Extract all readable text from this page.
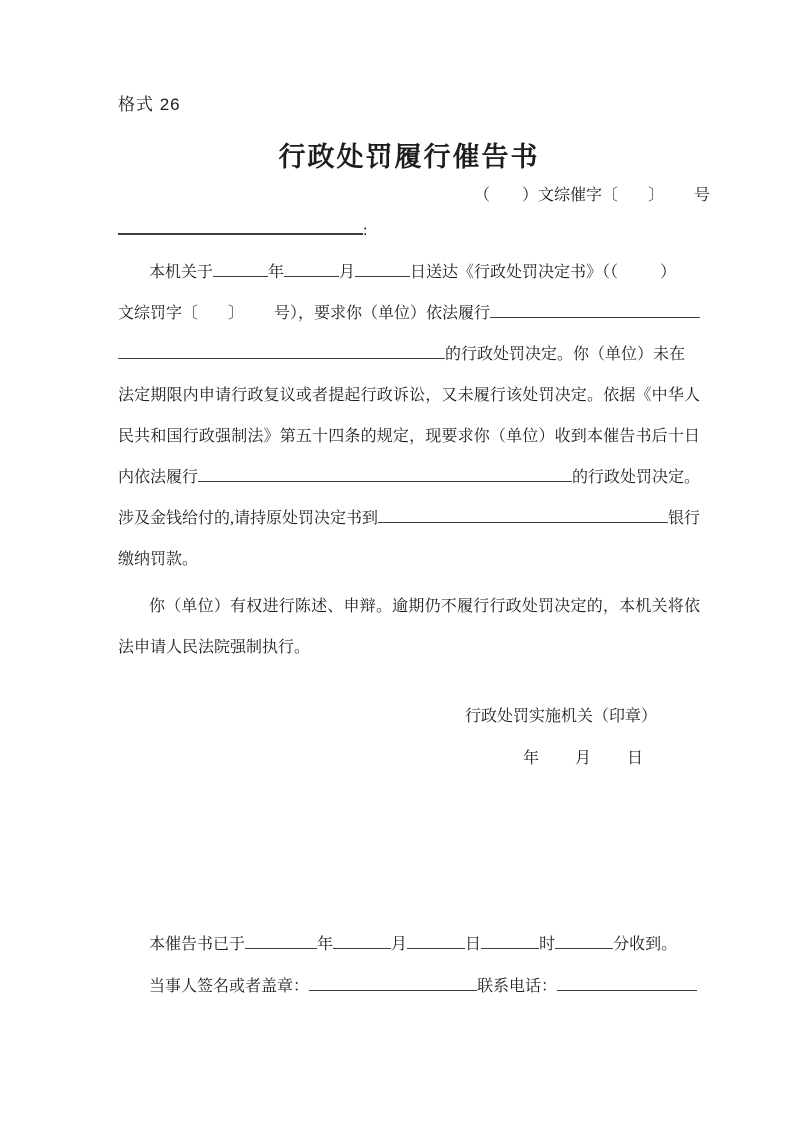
格式 26
行政处罚履行催告书
（ ）文综催字〔 〕 号
:
本机关于	年	月	日送达《行政处罚决定书》（（	）
文综罚字〔 〕 号），要求你（单位）依法履行
的行政处罚决定。你（单位）未在
法定期限内申请行政复议或者提起行政诉讼，又未履行该处罚决定。依据《中华人
民共和国行政强制法》第五十四条的规定，现要求你（单位）收到本催告书后十日
内依法履行	的行政处罚决定。
涉及金钱给付的,请持原处罚决定书到	银行
缴纳罚款。
你（单位）有权进行陈述、申辩。逾期仍不履行行政处罚决定的，本机关将依
法申请人民法院强制执行。
行政处罚实施机关（印章）
年 月 日
本催告书已于	年	月	日	时	分收到。
当事人签名或者盖章：	联系电话：
